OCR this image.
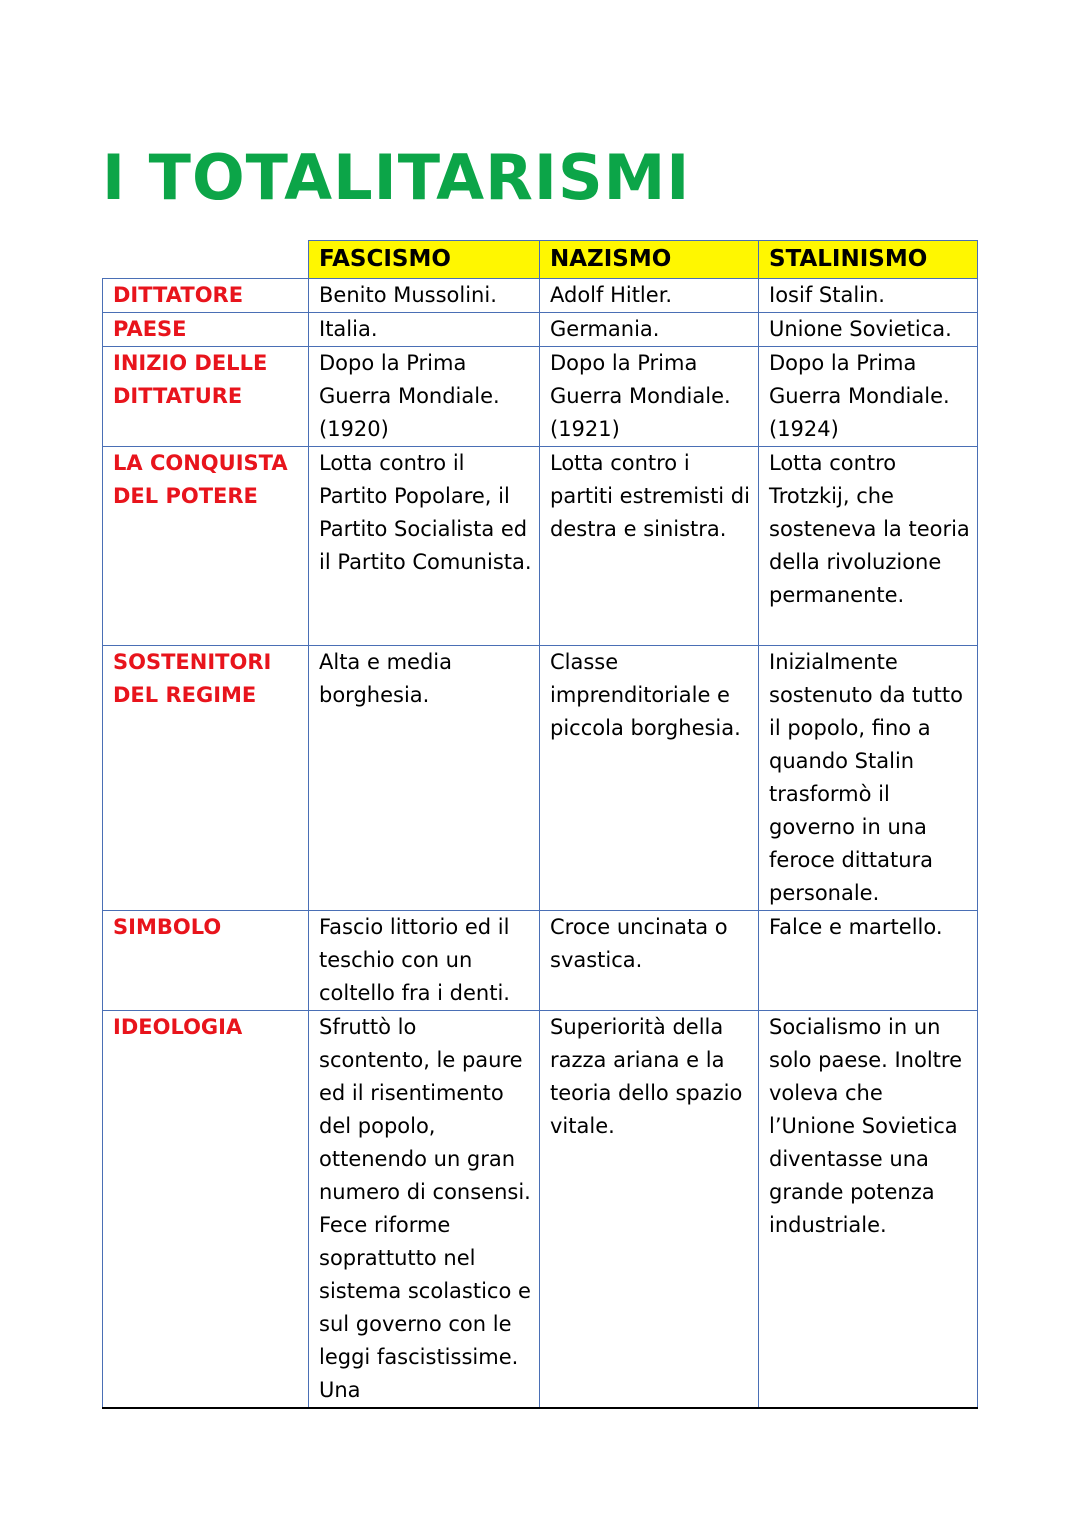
I TOTALITARISMI
	FASCISMO	NAZISMO	STALINISMO
DITTATORE	Benito Mussolini.	Adolf Hitler.	Iosif Stalin.
PAESE	Italia.	Germania.	Unione Sovietica.
INIZIO DELLE DITTATURE	Dopo la Prima Guerra Mondiale. (1920)	Dopo la Prima Guerra Mondiale. (1921)	Dopo la Prima Guerra Mondiale. (1924)
LA CONQUISTA DEL POTERE	Lotta contro il Partito Popolare, il Partito Socialista ed il Partito Comunista.	Lotta contro i partiti estremisti di destra e sinistra.	Lotta contro Trotzkij, che sosteneva la teoria della rivoluzione permanente.
SOSTENITORI DEL REGIME	Alta e media borghesia.	Classe imprenditoriale e piccola borghesia.	Inizialmente sostenuto da tutto il popolo, fino a quando Stalin trasformò il governo in una feroce dittatura personale.
SIMBOLO	Fascio littorio ed il teschio con un coltello fra i denti.	Croce uncinata o svastica.	Falce e martello.
IDEOLOGIA	Sfruttò lo scontento, le paure ed il risentimento del popolo, ottenendo un gran numero di consensi. Fece riforme soprattutto nel sistema scolastico e sul governo con le leggi fascistissime. Una	Superiorità della razza ariana e la teoria dello spazio vitale.	Socialismo in un solo paese. Inoltre voleva che l’Unione Sovietica diventasse una grande potenza industriale.
